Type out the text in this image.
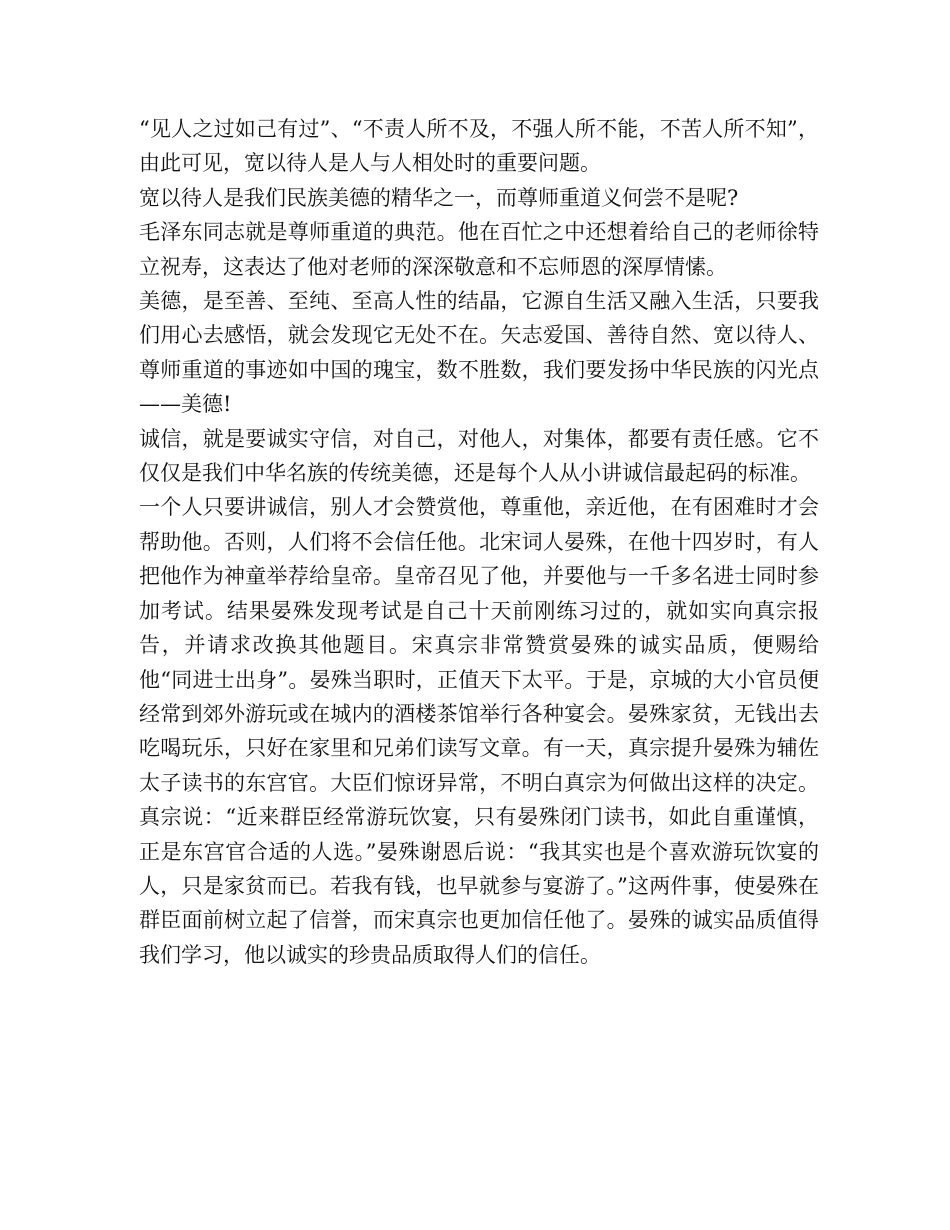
“见人之过如己有过”、“不责人所不及，不强人所不能，不苦人所不知”，由此可见，宽以待人是人与人相处时的重要问题。

宽以待人是我们民族美德的精华之一，而尊师重道义何尝不是呢?

毛泽东同志就是尊师重道的典范。他在百忙之中还想着给自己的老师徐特立祝寿，这表达了他对老师的深深敬意和不忘师恩的深厚情愫。

美德，是至善、至纯、至高人性的结晶，它源自生活又融入生活，只要我们用心去感悟，就会发现它无处不在。矢志爱国、善待自然、宽以待人、尊师重道的事迹如中国的瑰宝，数不胜数，我们要发扬中华民族的闪光点——美德!

诚信，就是要诚实守信，对自己，对他人，对集体，都要有责任感。它不仅仅是我们中华名族的传统美德，还是每个人从小讲诚信最起码的标准。

一个人只要讲诚信，别人才会赞赏他，尊重他，亲近他，在有困难时才会帮助他。否则，人们将不会信任他。北宋词人晏殊，在他十四岁时，有人把他作为神童举荐给皇帝。皇帝召见了他，并要他与一千多名进士同时参加考试。结果晏殊发现考试是自己十天前刚练习过的，就如实向真宗报告，并请求改换其他题目。宋真宗非常赞赏晏殊的诚实品质，便赐给他“同进士出身”。晏殊当职时，正值天下太平。于是，京城的大小官员便经常到郊外游玩或在城内的酒楼茶馆举行各种宴会。晏殊家贫，无钱出去吃喝玩乐，只好在家里和兄弟们读写文章。有一天，真宗提升晏殊为辅佐太子读书的东宫官。大臣们惊讶异常，不明白真宗为何做出这样的决定。真宗说：“近来群臣经常游玩饮宴，只有晏殊闭门读书，如此自重谨慎，正是东宫官合适的人选。”晏殊谢恩后说：“我其实也是个喜欢游玩饮宴的人，只是家贫而已。若我有钱，也早就参与宴游了。”这两件事，使晏殊在群臣面前树立起了信誉，而宋真宗也更加信任他了。晏殊的诚实品质值得我们学习，他以诚实的珍贵品质取得人们的信任。
